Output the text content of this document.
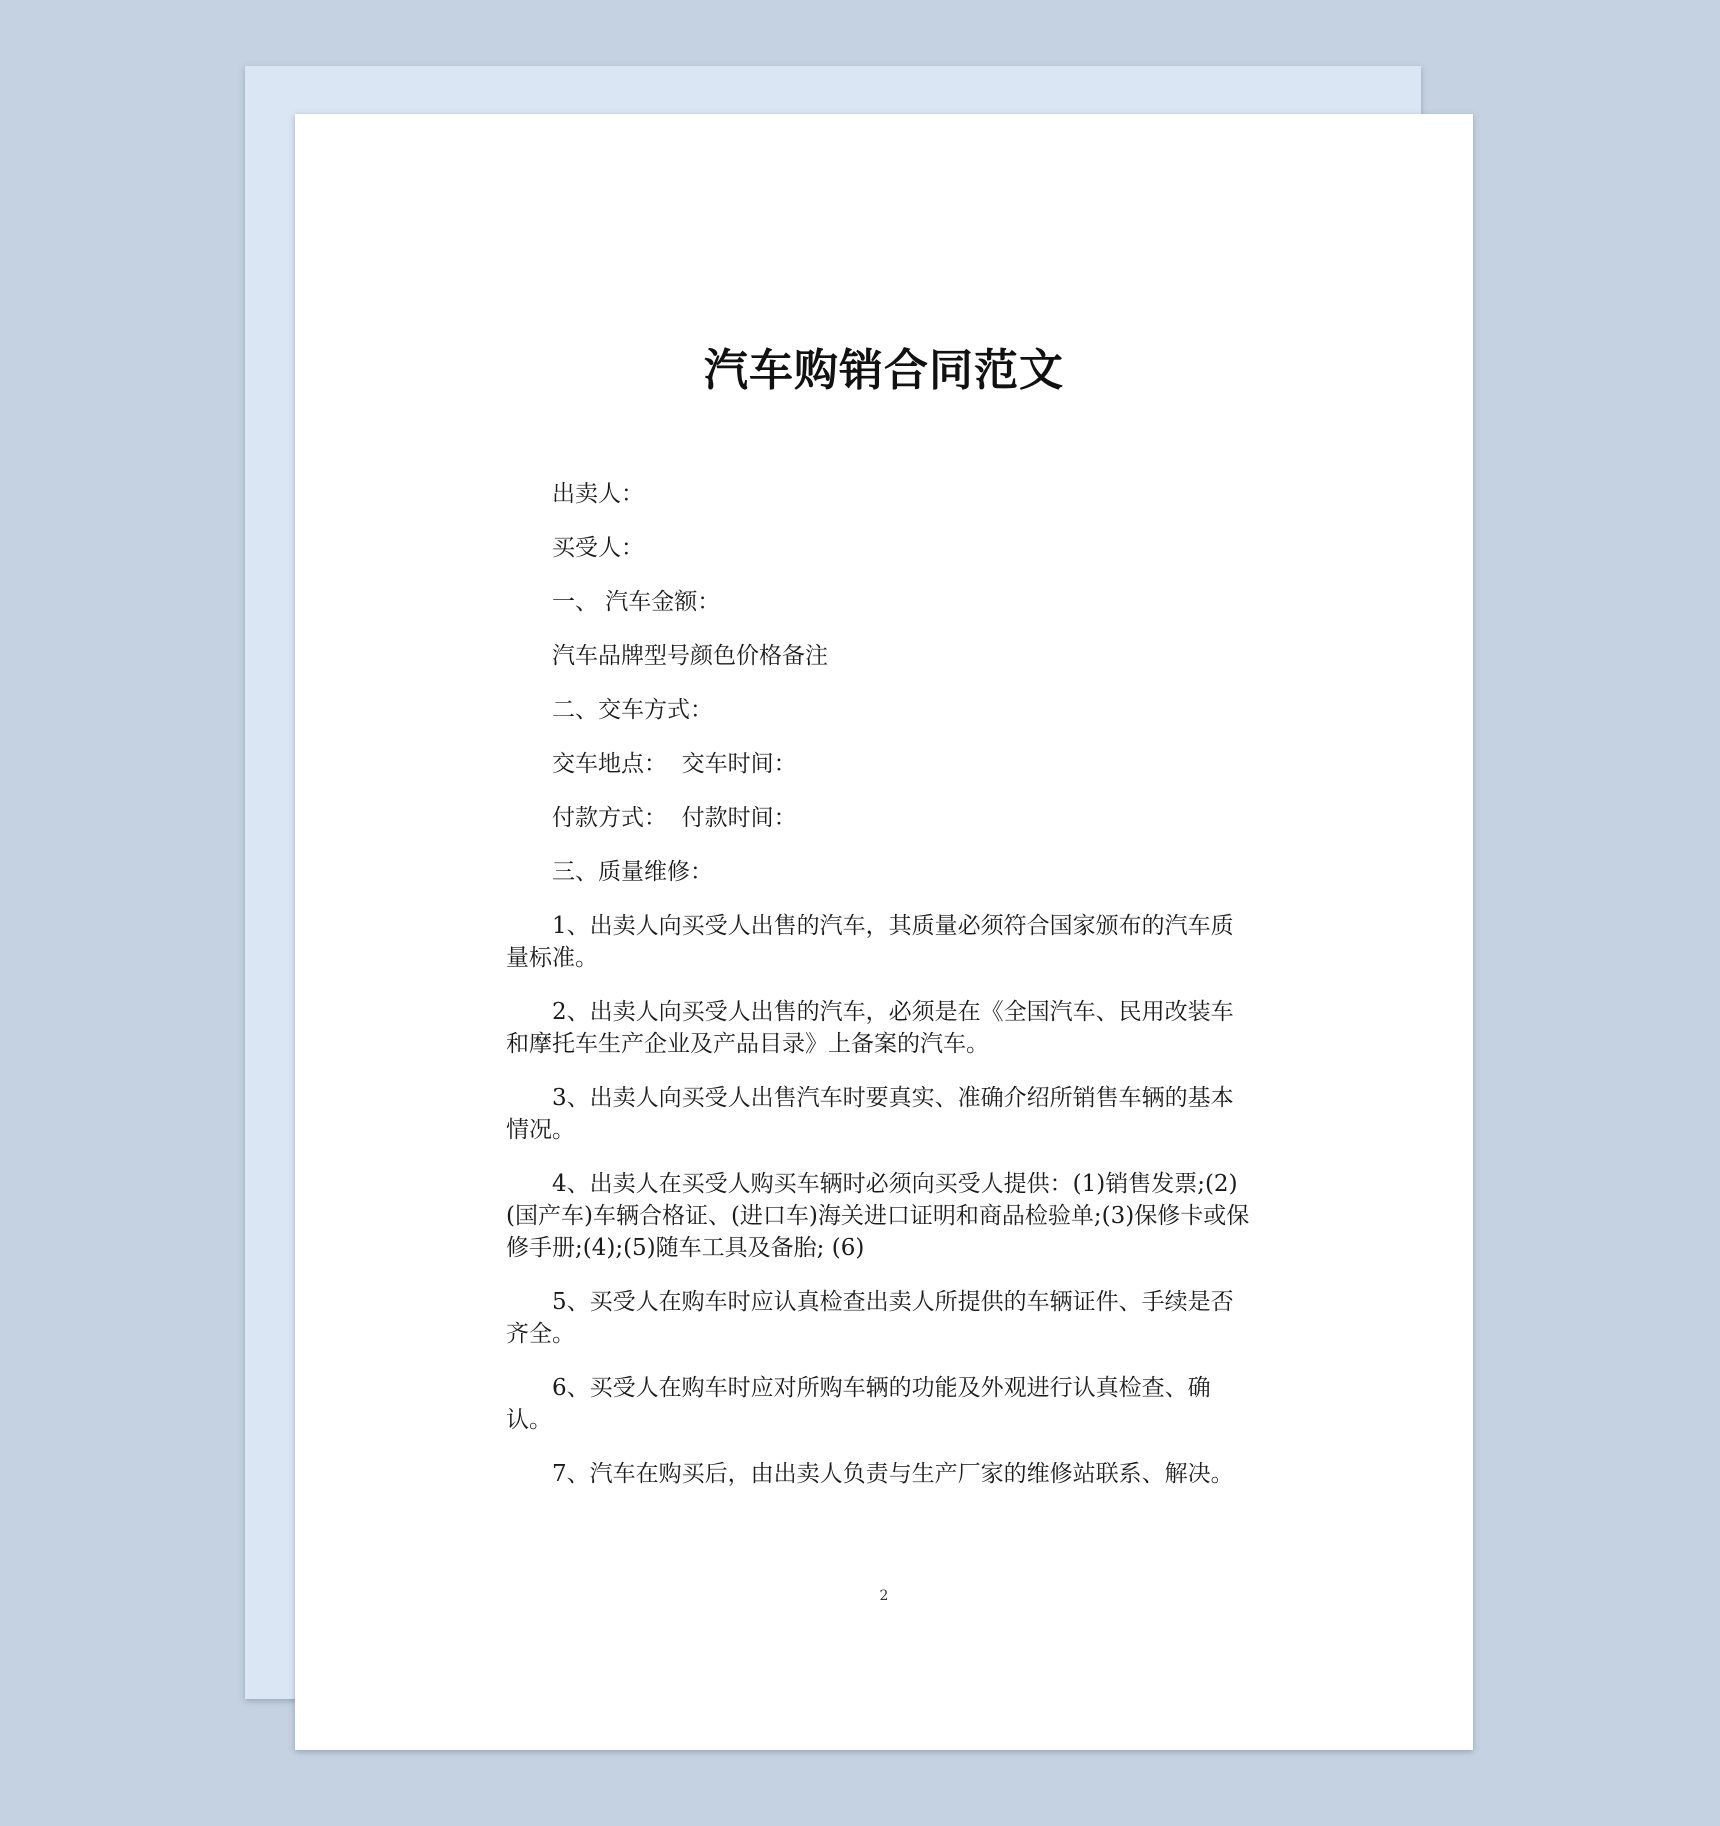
汽车购销合同范文

出卖人：

买受人：

一、 汽车金额：

汽车品牌型号颜色价格备注

二、交车方式：

交车地点：  交车时间：

付款方式：  付款时间：

三、质量维修：

1、出卖人向买受人出售的汽车，其质量必须符合国家颁布的汽车质量标准。

2、出卖人向买受人出售的汽车，必须是在《全国汽车、民用改装车和摩托车生产企业及产品目录》上备案的汽车。

3、出卖人向买受人出售汽车时要真实、准确介绍所销售车辆的基本情况。

4、出卖人在买受人购买车辆时必须向买受人提供：(1)销售发票;(2)(国产车)车辆合格证、(进口车)海关进口证明和商品检验单;(3)保修卡或保修手册;(4);(5)随车工具及备胎; (6)

5、买受人在购车时应认真检查出卖人所提供的车辆证件、手续是否齐全。

6、买受人在购车时应对所购车辆的功能及外观进行认真检查、确认。

7、汽车在购买后，由出卖人负责与生产厂家的维修站联系、解决。

2
